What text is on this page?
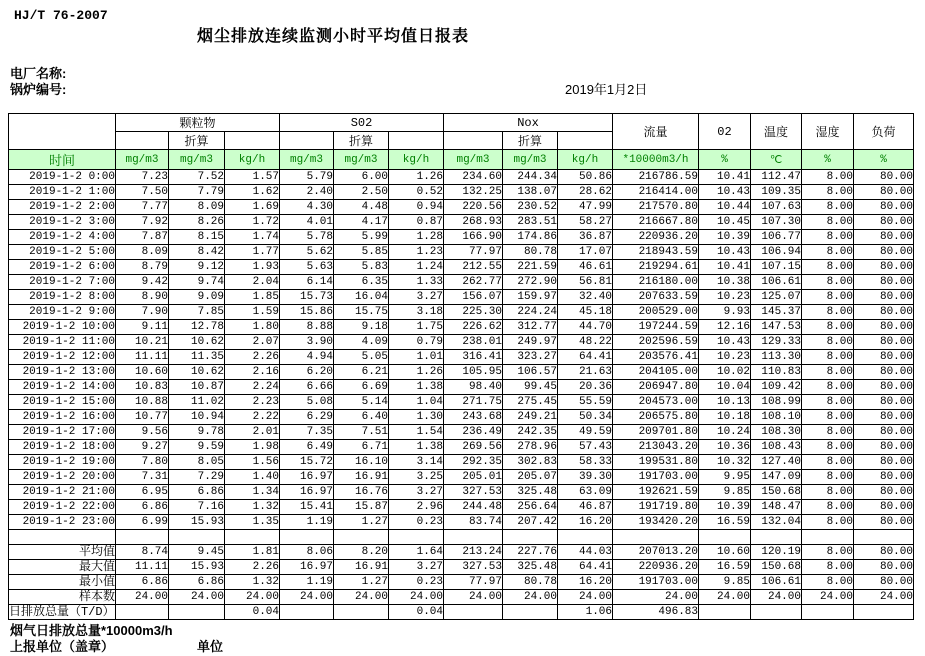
HJ/T 76-2007
烟尘排放连续监测小时平均值日报表
电厂名称:
锅炉编号:	2019年1月2日
	颗粒物			S02			Nox			流量	02	温度	湿度	负荷
		折算			折算			折算						
时间	mg/m3	mg/m3	kg/h	mg/m3	mg/m3	kg/h	mg/m3	mg/m3	kg/h	*10000m3/h	%	℃	%	%
2019-1-2 0:00	7.23	7.52	1.57	5.79	6.00	1.26	234.60	244.34	50.86	216786.59	10.41	112.47	8.00	80.00
2019-1-2 1:00	7.50	7.79	1.62	2.40	2.50	0.52	132.25	138.07	28.62	216414.00	10.43	109.35	8.00	80.00
2019-1-2 2:00	7.77	8.09	1.69	4.30	4.48	0.94	220.56	230.52	47.99	217570.80	10.44	107.63	8.00	80.00
2019-1-2 3:00	7.92	8.26	1.72	4.01	4.17	0.87	268.93	283.51	58.27	216667.80	10.45	107.30	8.00	80.00
2019-1-2 4:00	7.87	8.15	1.74	5.78	5.99	1.28	166.90	174.86	36.87	220936.20	10.39	106.77	8.00	80.00
2019-1-2 5:00	8.09	8.42	1.77	5.62	5.85	1.23	77.97	80.78	17.07	218943.59	10.43	106.94	8.00	80.00
2019-1-2 6:00	8.79	9.12	1.93	5.63	5.83	1.24	212.55	221.59	46.61	219294.61	10.41	107.15	8.00	80.00
2019-1-2 7:00	9.42	9.74	2.04	6.14	6.35	1.33	262.77	272.90	56.81	216180.00	10.38	106.61	8.00	80.00
2019-1-2 8:00	8.90	9.09	1.85	15.73	16.04	3.27	156.07	159.97	32.40	207633.59	10.23	125.07	8.00	80.00
2019-1-2 9:00	7.90	7.85	1.59	15.86	15.75	3.18	225.30	224.24	45.18	200529.00	9.93	145.37	8.00	80.00
2019-1-2 10:00	9.11	12.78	1.80	8.88	9.18	1.75	226.62	312.77	44.70	197244.59	12.16	147.53	8.00	80.00
2019-1-2 11:00	10.21	10.62	2.07	3.90	4.09	0.79	238.01	249.97	48.22	202596.59	10.43	129.33	8.00	80.00
2019-1-2 12:00	11.11	11.35	2.26	4.94	5.05	1.01	316.41	323.27	64.41	203576.41	10.23	113.30	8.00	80.00
2019-1-2 13:00	10.60	10.62	2.16	6.20	6.21	1.26	105.95	106.57	21.63	204105.00	10.02	110.83	8.00	80.00
2019-1-2 14:00	10.83	10.87	2.24	6.66	6.69	1.38	98.40	99.45	20.36	206947.80	10.04	109.42	8.00	80.00
2019-1-2 15:00	10.88	11.02	2.23	5.08	5.14	1.04	271.75	275.45	55.59	204573.00	10.13	108.99	8.00	80.00
2019-1-2 16:00	10.77	10.94	2.22	6.29	6.40	1.30	243.68	249.21	50.34	206575.80	10.18	108.10	8.00	80.00
2019-1-2 17:00	9.56	9.78	2.01	7.35	7.51	1.54	236.49	242.35	49.59	209701.80	10.24	108.30	8.00	80.00
2019-1-2 18:00	9.27	9.59	1.98	6.49	6.71	1.38	269.56	278.96	57.43	213043.20	10.36	108.43	8.00	80.00
2019-1-2 19:00	7.80	8.05	1.56	15.72	16.10	3.14	292.35	302.83	58.33	199531.80	10.32	127.40	8.00	80.00
2019-1-2 20:00	7.31	7.29	1.40	16.97	16.91	3.25	205.01	205.07	39.30	191703.00	9.95	147.09	8.00	80.00
2019-1-2 21:00	6.95	6.86	1.34	16.97	16.76	3.27	327.53	325.48	63.09	192621.59	9.85	150.68	8.00	80.00
2019-1-2 22:00	6.86	7.16	1.32	15.41	15.87	2.96	244.48	256.64	46.87	191719.80	10.39	148.47	8.00	80.00
2019-1-2 23:00	6.99	15.93	1.35	1.19	1.27	0.23	83.74	207.42	16.20	193420.20	16.59	132.04	8.00	80.00

平均值	8.74	9.45	1.81	8.06	8.20	1.64	213.24	227.76	44.03	207013.20	10.60	120.19	8.00	80.00
最大值	11.11	15.93	2.26	16.97	16.91	3.27	327.53	325.48	64.41	220936.20	16.59	150.68	8.00	80.00
最小值	6.86	6.86	1.32	1.19	1.27	0.23	77.97	80.78	16.20	191703.00	9.85	106.61	8.00	80.00
样本数	24.00	24.00	24.00	24.00	24.00	24.00	24.00	24.00	24.00	24.00	24.00	24.00	24.00	24.00
日排放总量（T/D）			0.04			0.04			1.06	496.83				
烟气日排放总量*10000m3/h
上报单位（盖章）	单位
